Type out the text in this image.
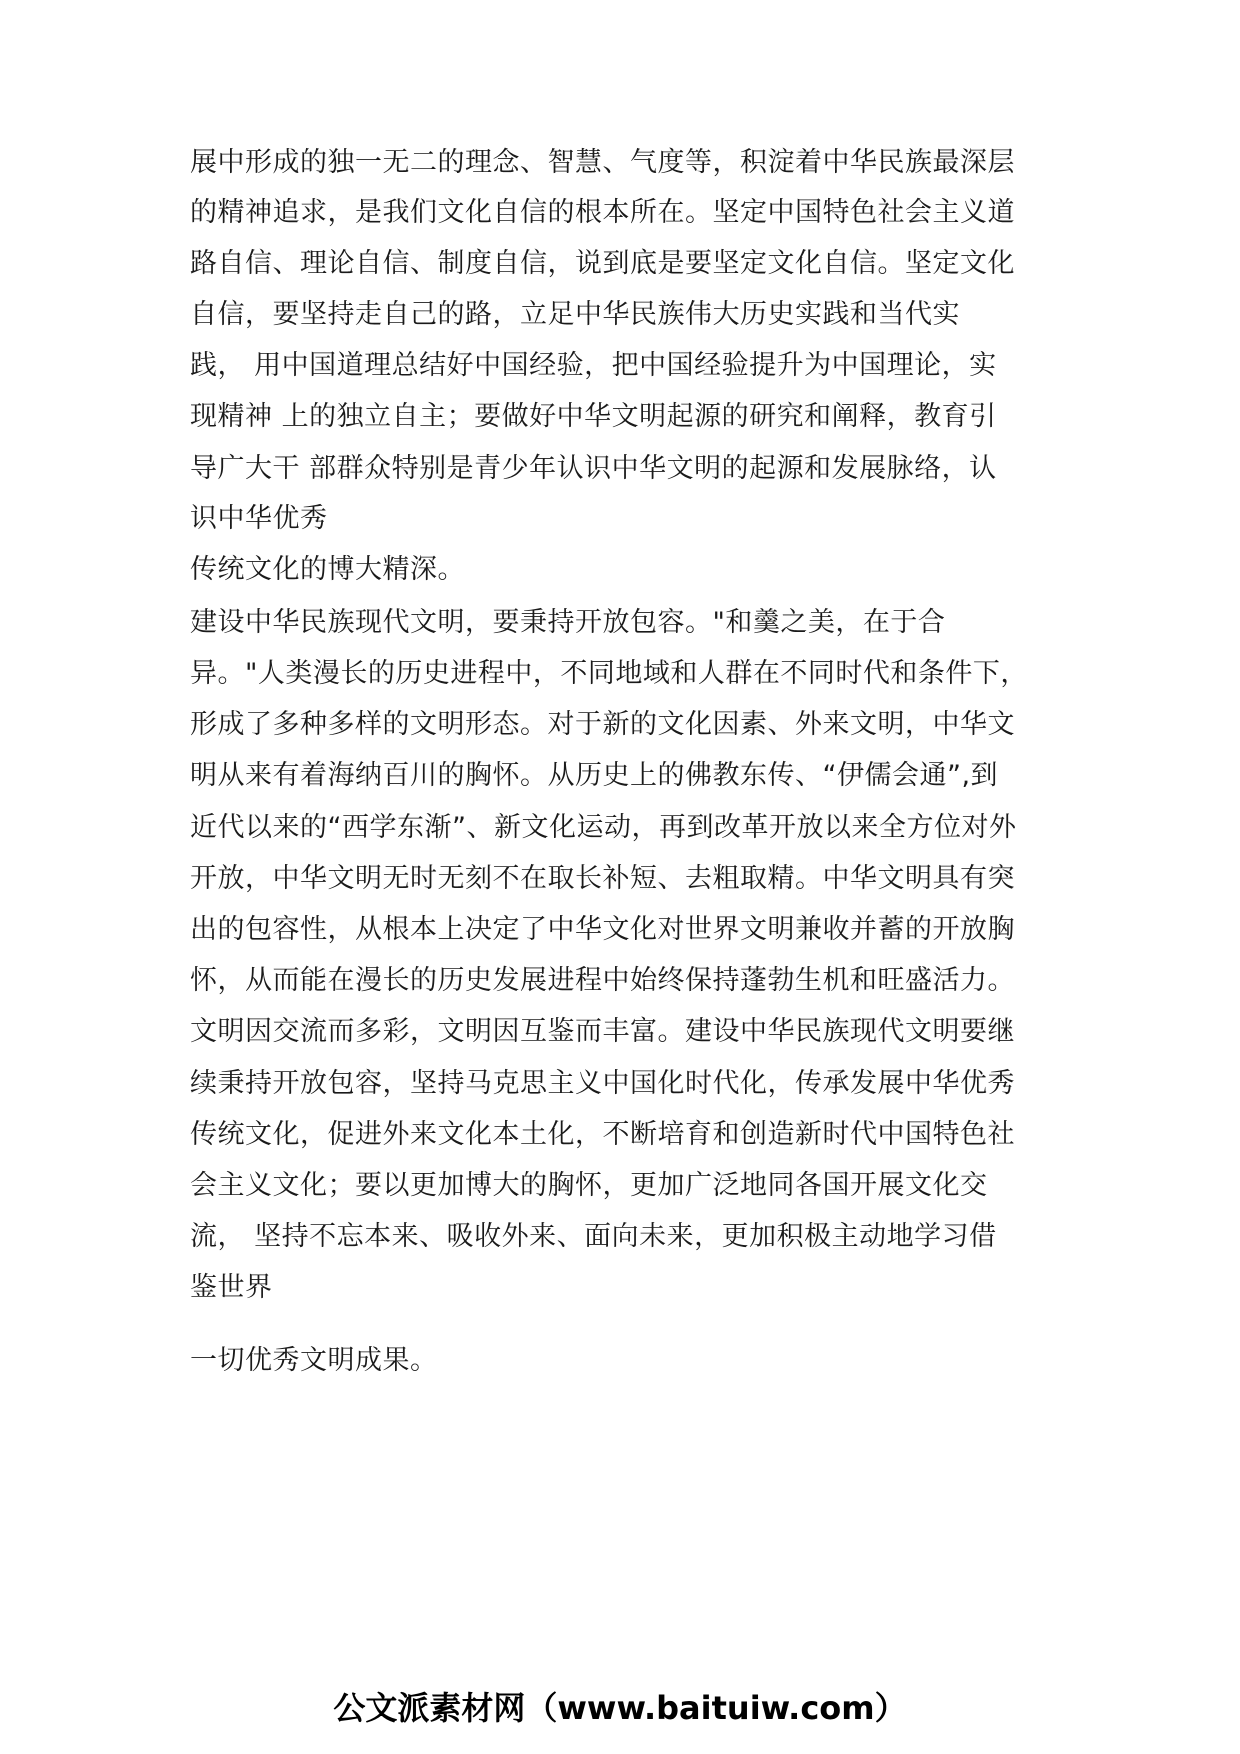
展中形成的独一无二的理念、智慧、气度等，积淀着中华民族最深层
的精神追求，是我们文化自信的根本所在。坚定中国特色社会主义道
路自信、理论自信、制度自信，说到底是要坚定文化自信。坚定文化
自信，要坚持走自己的路，立足中华民族伟大历史实践和当代实
践， 用中国道理总结好中国经验，把中国经验提升为中国理论，实
现精神 上的独立自主；要做好中华文明起源的研究和阐释，教育引
导广大干 部群众特别是青少年认识中华文明的起源和发展脉络，认
识中华优秀
传统文化的博大精深。
建设中华民族现代文明，要秉持开放包容。"和羹之美，在于合
异。"人类漫长的历史进程中，不同地域和人群在不同时代和条件下，
形成了多种多样的文明形态。对于新的文化因素、外来文明，中华文
明从来有着海纳百川的胸怀。从历史上的佛教东传、“伊儒会通”,到
近代以来的“西学东渐”、新文化运动，再到改革开放以来全方位对外
开放，中华文明无时无刻不在取长补短、去粗取精。中华文明具有突
出的包容性，从根本上决定了中华文化对世界文明兼收并蓄的开放胸
怀，从而能在漫长的历史发展进程中始终保持蓬勃生机和旺盛活力。
文明因交流而多彩，文明因互鉴而丰富。建设中华民族现代文明要继
续秉持开放包容，坚持马克思主义中国化时代化，传承发展中华优秀
传统文化，促进外来文化本土化，不断培育和创造新时代中国特色社
会主义文化；要以更加博大的胸怀，更加广泛地同各国开展文化交
流， 坚持不忘本来、吸收外来、面向未来，更加积极主动地学习借
鉴世界
一切优秀文明成果。
公文派素材网（www.baituiw.com）
